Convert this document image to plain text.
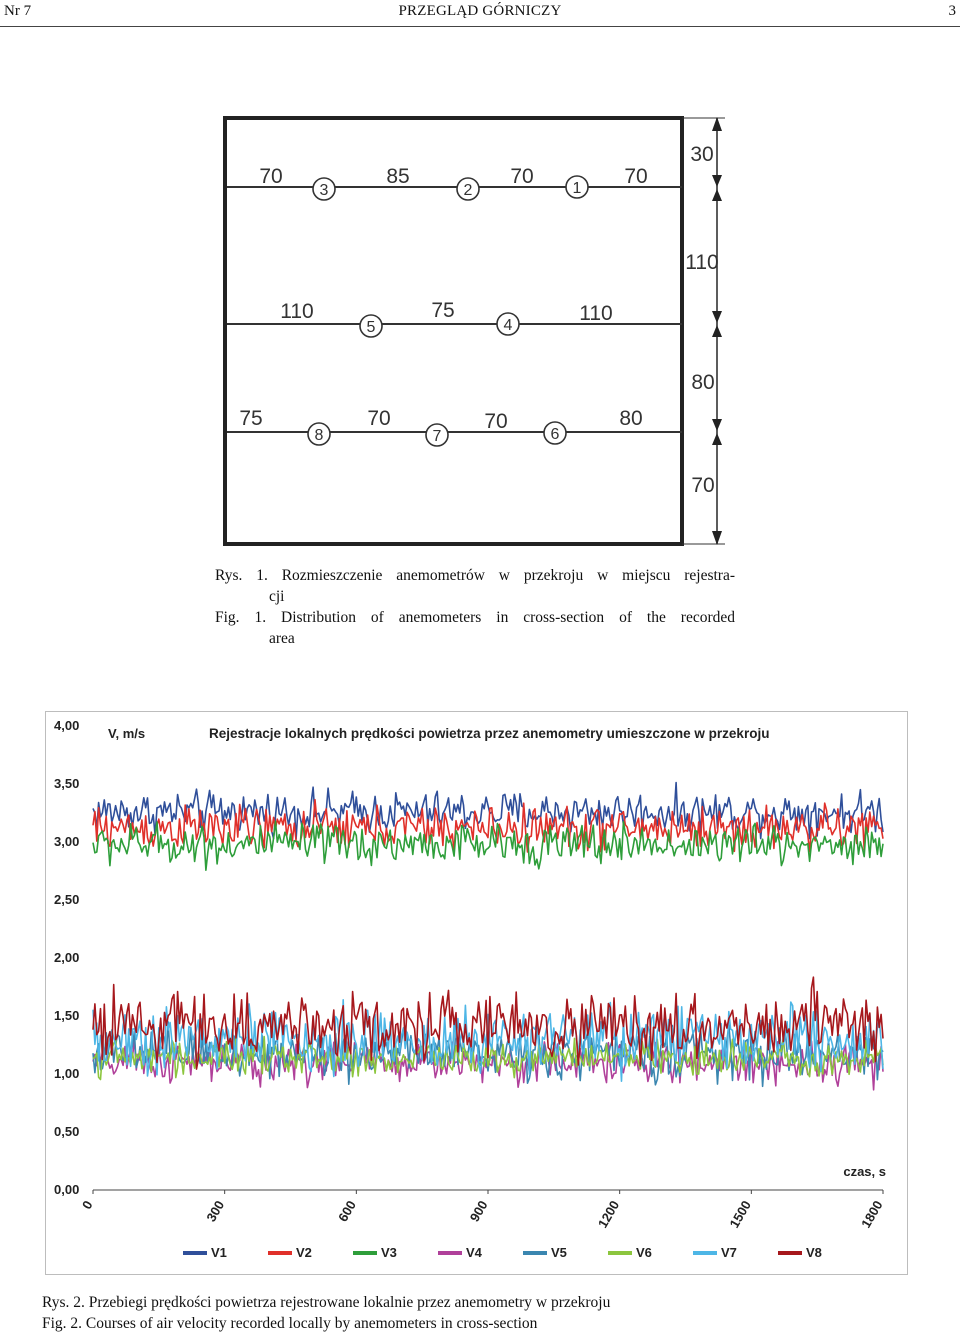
PRZEGLĄD GÓRNICZY
Nr 7	3
70	85	70	70
3	2	1
110	75	110
5	4
75	70	70	80
8	7	6
30
110
80
70
Rys. 1. Rozmieszczenie anemometrów w przekroju w miejscu rejestra-
cji
Fig. 1. Distribution of anemometers in cross-section of the recorded
area
0,00
0,50
1,00
1,50
2,00
2,50
3,00
3,50
4,00
0	300	600	900	1200	1500	1800
Rejestracje lokalnych prędkości powietrza przez anemometry umieszczone w przekroju
V, m/s
czas, s
V1	V2	V3	V4	V5	V6	V7	V8
Rys. 2. Przebiegi prędkości powietrza rejestrowane lokalnie przez anemometry w przekroju
Fig. 2. Courses of air velocity recorded locally by anemometers in cross-section
